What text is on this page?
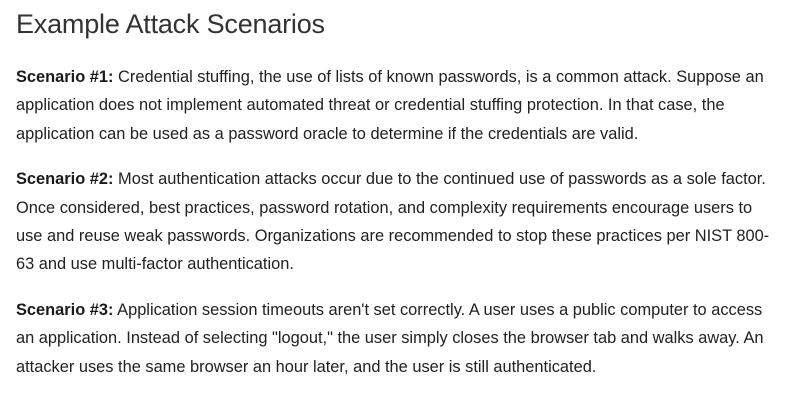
Example Attack Scenarios

Scenario #1: Credential stuffing, the use of lists of known passwords, is a common attack. Suppose an application does not implement automated threat or credential stuffing protection. In that case, the application can be used as a password oracle to determine if the credentials are valid.

Scenario #2: Most authentication attacks occur due to the continued use of passwords as a sole factor. Once considered, best practices, password rotation, and complexity requirements encourage users to use and reuse weak passwords. Organizations are recommended to stop these practices per NIST 800-63 and use multi-factor authentication.

Scenario #3: Application session timeouts aren't set correctly. A user uses a public computer to access an application. Instead of selecting "logout," the user simply closes the browser tab and walks away. An attacker uses the same browser an hour later, and the user is still authenticated.
